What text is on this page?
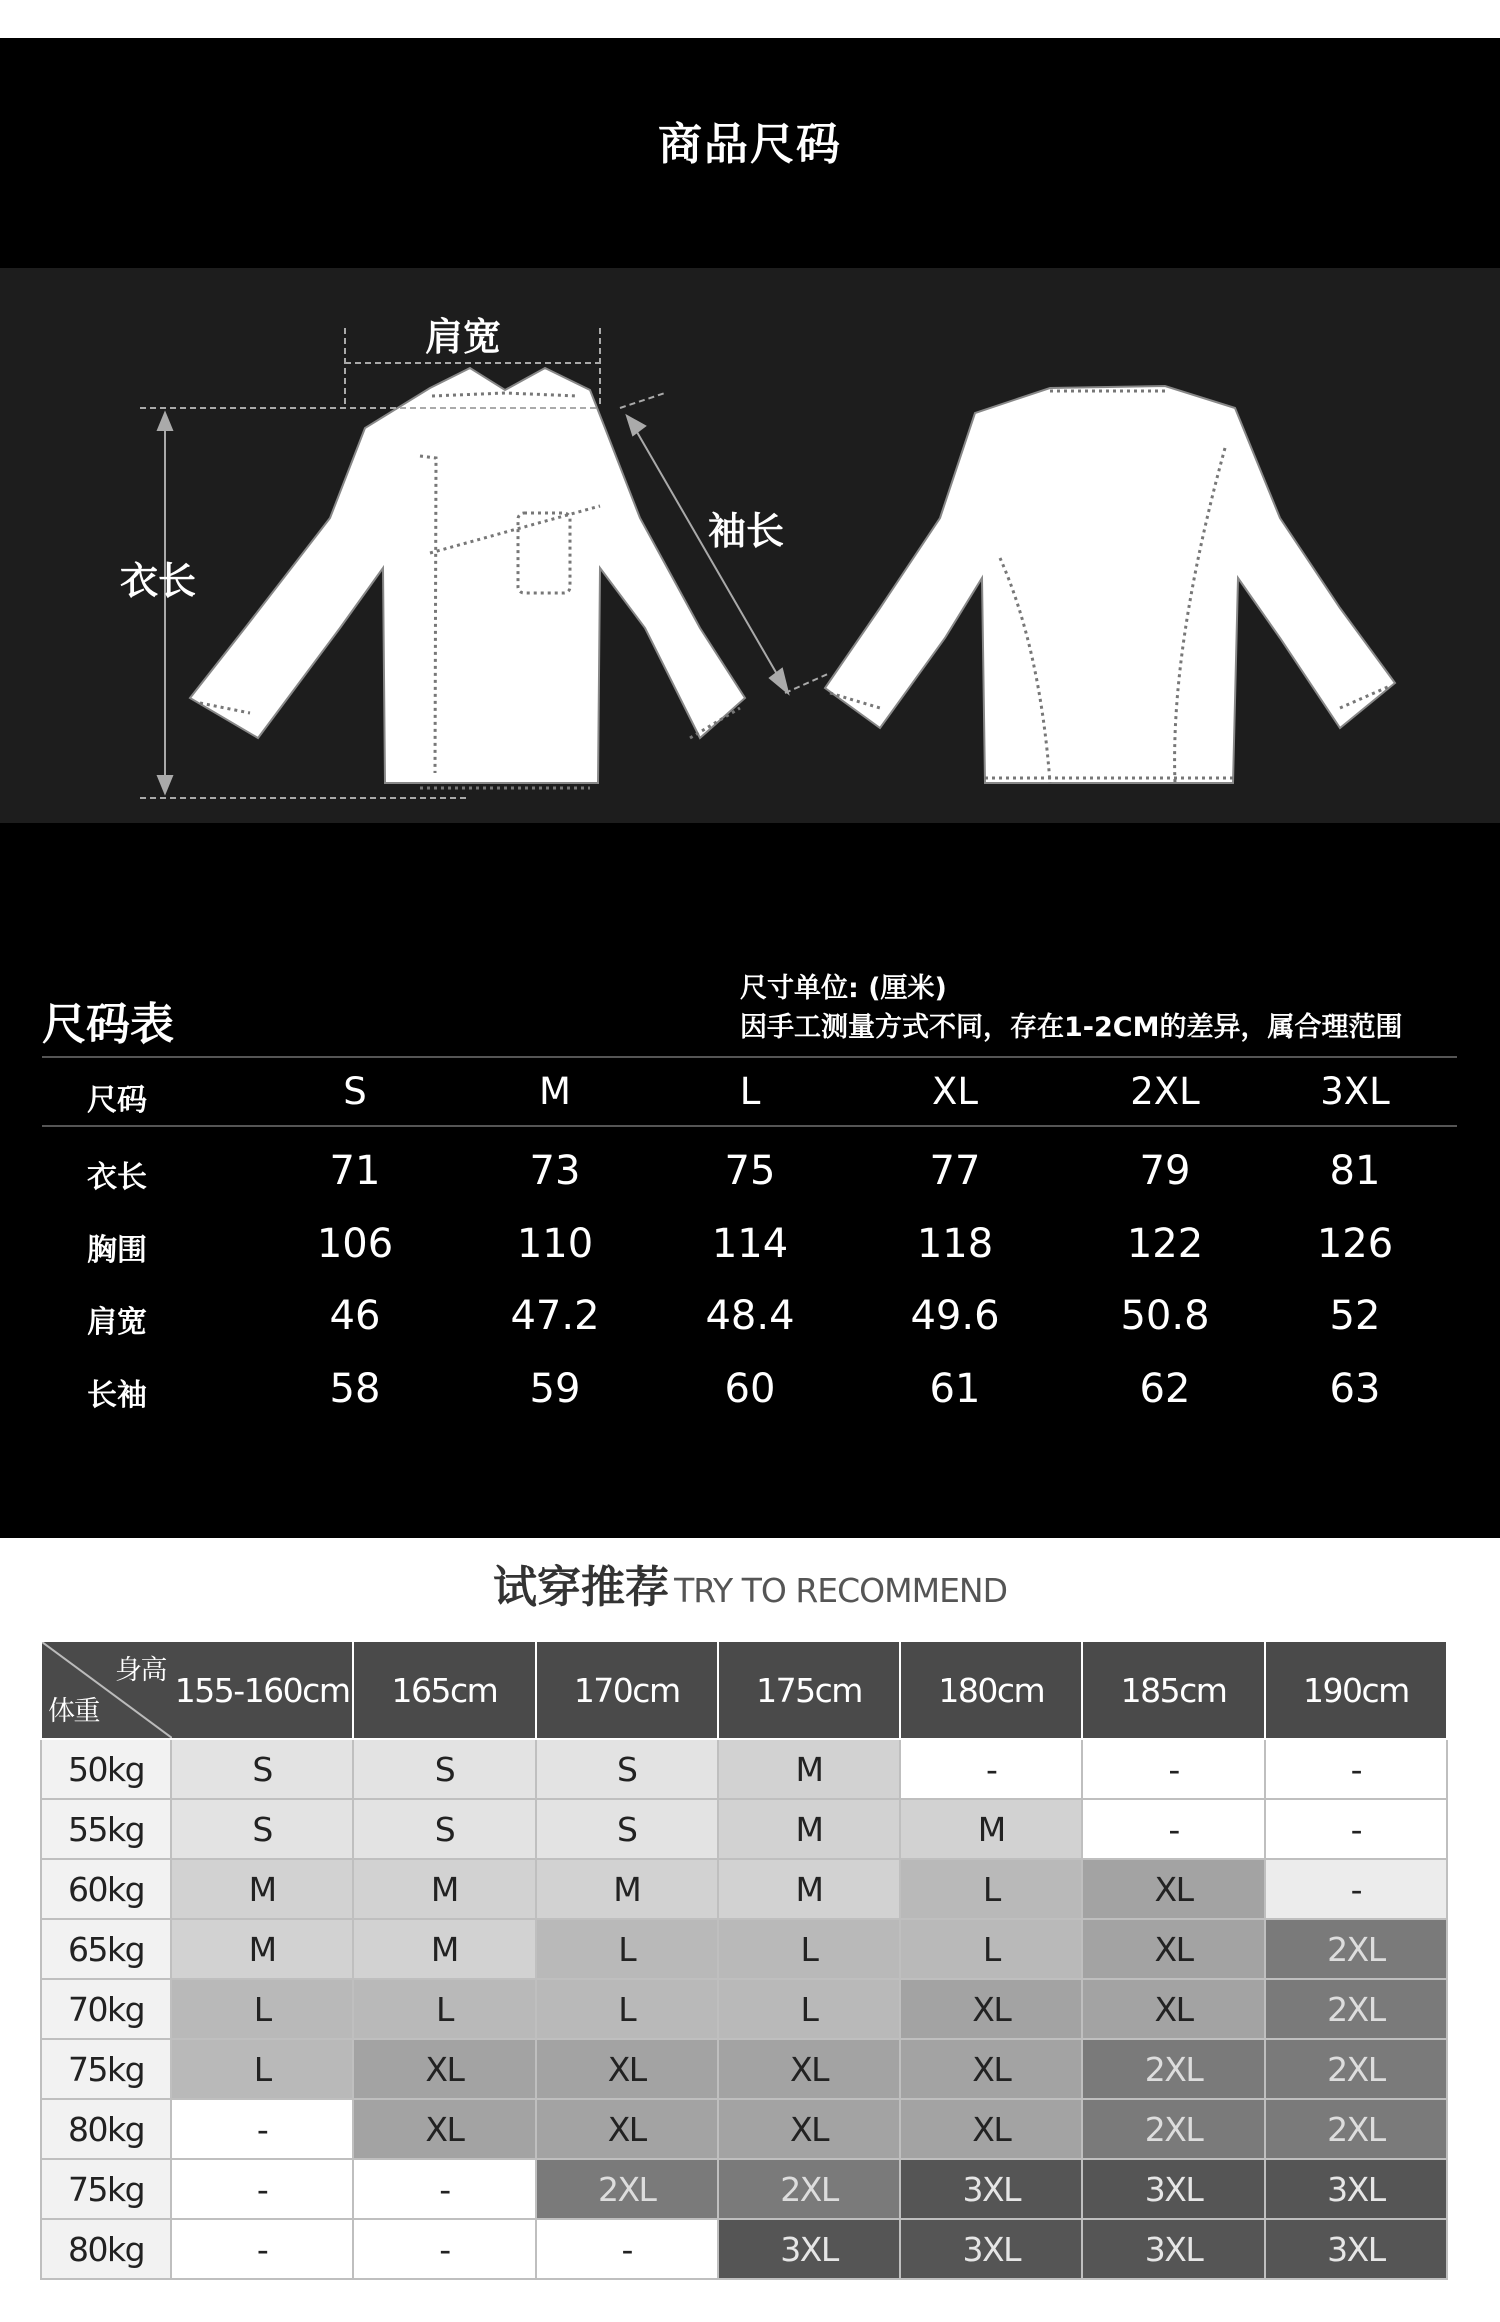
商品尺码
肩宽
衣长
袖长
尺码表
尺寸单位: (厘米)
因手工测量方式不同，存在1-2CM的差异，属合理范围
尺码	S	M	L	XL	2XL	3XL
衣长	71	73	75	77	79	81
胸围	106	110	114	118	122	126
肩宽	46	47.2	48.4	49.6	50.8	52
长袖	58	59	60	61	62	63
试穿推荐 TRY TO RECOMMEND
身高
体重	155-160cm	165cm	170cm	175cm	180cm	185cm	190cm
50kg	S	S	S	M	-	-	-
55kg	S	S	S	M	M	-	-
60kg	M	M	M	M	L	XL	-
65kg	M	M	L	L	L	XL	2XL
70kg	L	L	L	L	XL	XL	2XL
75kg	L	XL	XL	XL	XL	2XL	2XL
80kg	-	XL	XL	XL	XL	2XL	2XL
75kg	-	-	2XL	2XL	3XL	3XL	3XL
80kg	-	-	-	3XL	3XL	3XL	3XL
